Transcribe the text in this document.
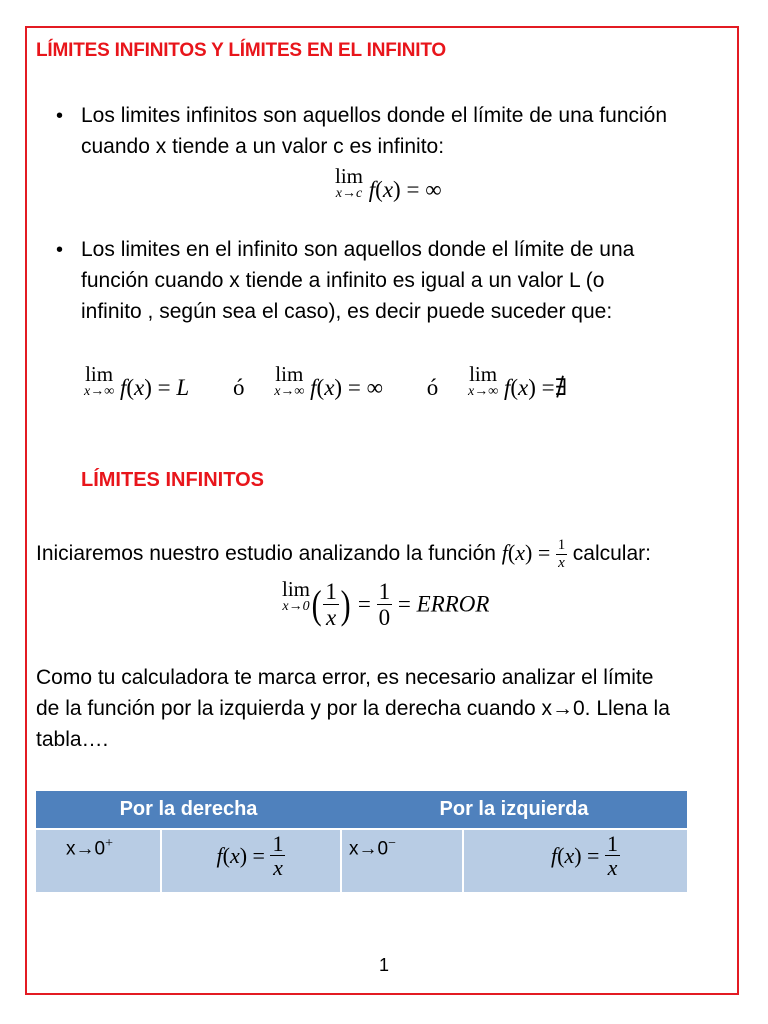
LÍMITES INFINITOS Y LÍMITES EN EL INFINITO
• Los limites infinitos son aquellos donde el límite de una función
cuando x tiende a un valor c es infinito:
lim
x→c f(x) = ∞
• Los limites en el infinito son aquellos donde el límite de una
función cuando x tiende a infinito es igual a un valor L (o
infinito , según sea el caso), es decir puede suceder que:
lim
x→∞ f(x) = L ó
lim
x→∞ f(x) = ∞ ó
lim
x→∞ f(x) =∄
LÍMITES INFINITOS
Iniciaremos nuestro estudio analizando la función $f(x) = \frac{1}{x}$ calcular:
lim
x→0 ( $\frac{1}{x}$ ) = $\frac{1}{0}$ = ERROR
Como tu calculadora te marca error, es necesario analizar el límite
de la función por la izquierda y por la derecha cuando x→0. Llena la
tabla….
Por la derecha		Por la izquierda	

x→0+	$f(x) = \frac{1}{x}$	x→0−	$f(x) = \frac{1}{x}$
1
